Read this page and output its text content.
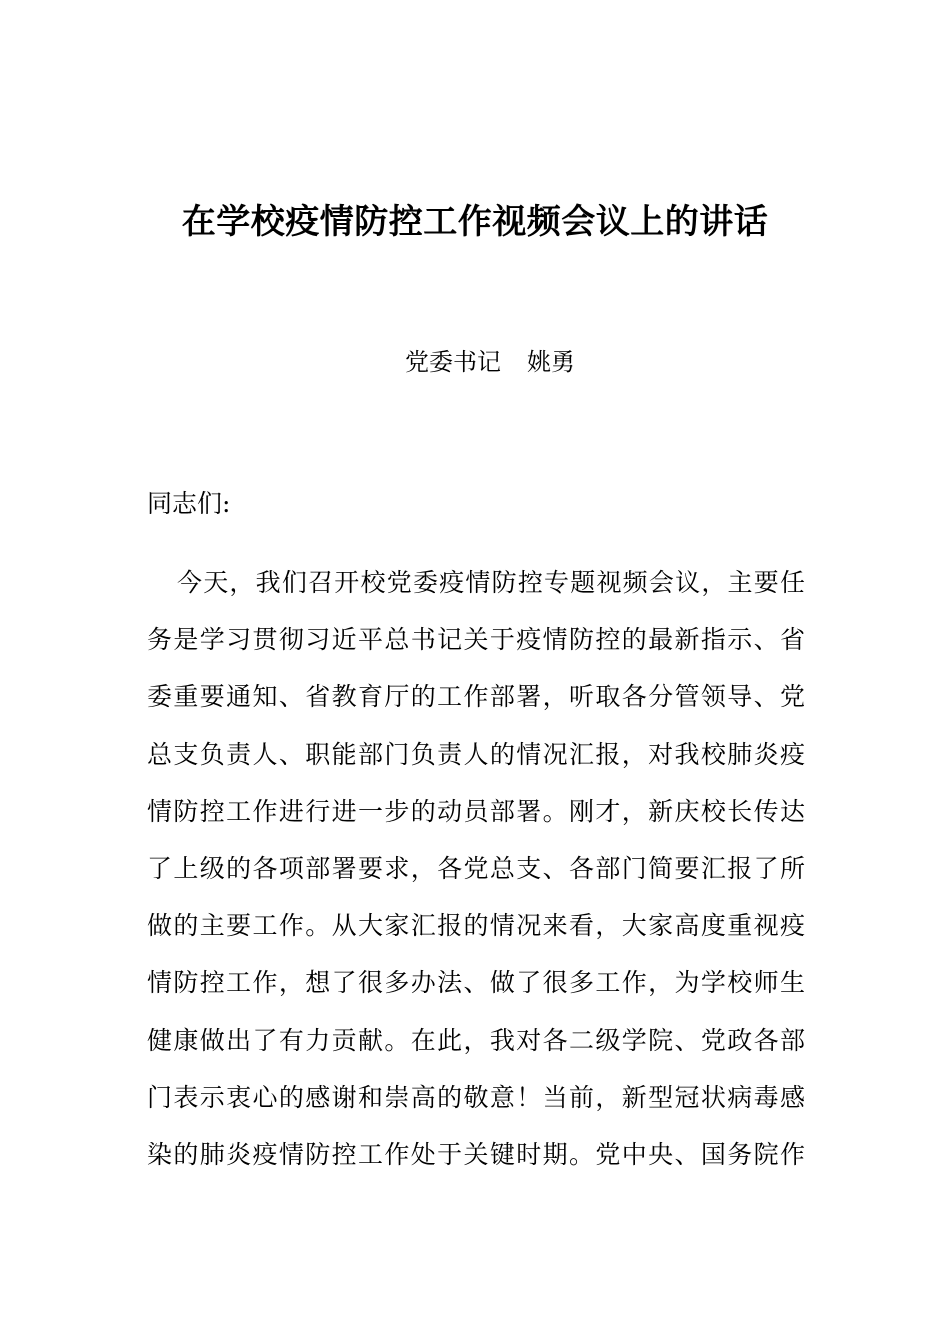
在学校疫情防控工作视频会议上的讲话
党委书记 姚勇
同志们:
今天，我们召开校党委疫情防控专题视频会议，主要任
务是学习贯彻习近平总书记关于疫情防控的最新指示、省
委重要通知、省教育厅的工作部署，听取各分管领导、党
总支负责人、职能部门负责人的情况汇报，对我校肺炎疫
情防控工作进行进一步的动员部署。刚才，新庆校长传达
了上级的各项部署要求，各党总支、各部门简要汇报了所
做的主要工作。从大家汇报的情况来看，大家高度重视疫
情防控工作，想了很多办法、做了很多工作，为学校师生
健康做出了有力贡献。在此，我对各二级学院、党政各部
门表示衷心的感谢和崇高的敬意！当前，新型冠状病毒感
染的肺炎疫情防控工作处于关键时期。党中央、国务院作
